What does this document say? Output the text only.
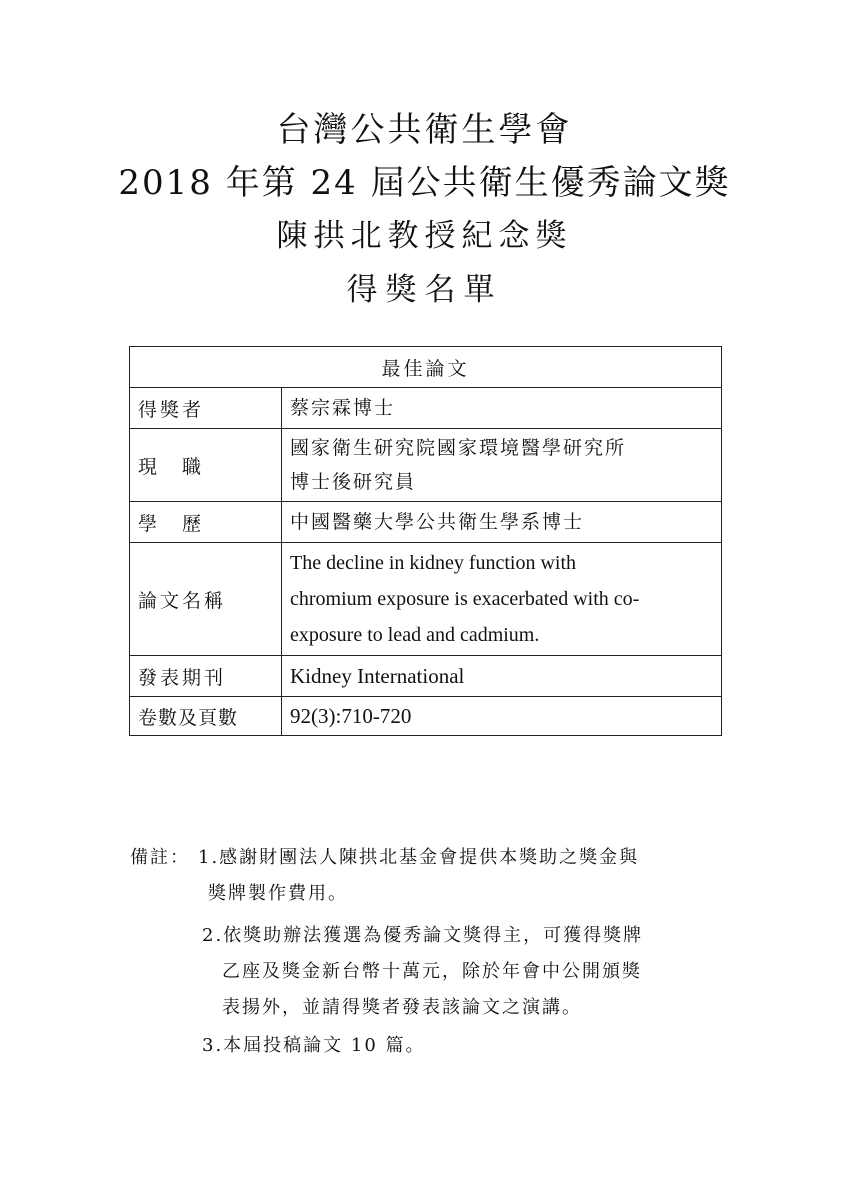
台灣公共衛生學會
2018 年第 24 屆公共衛生優秀論文獎
陳拱北教授紀念獎
得獎名單
最佳論文	
得獎者	蔡宗霖博士
現　職	國家衛生研究院國家環境醫學研究所
博士後研究員

學　歷	中國醫藥大學公共衛生學系博士
論文名稱	The decline in kidney function with
chromium exposure is exacerbated with co-
exposure to lead and cadmium.

發表期刊	Kidney International
卷數及頁數	92(3):710-720
備註： 1.感謝財團法人陳拱北基金會提供本獎助之獎金與
獎牌製作費用。
2.依獎助辦法獲選為優秀論文獎得主，可獲得獎牌
乙座及獎金新台幣十萬元，除於年會中公開頒獎
表揚外，並請得獎者發表該論文之演講。
3.本屆投稿論文 10 篇。
